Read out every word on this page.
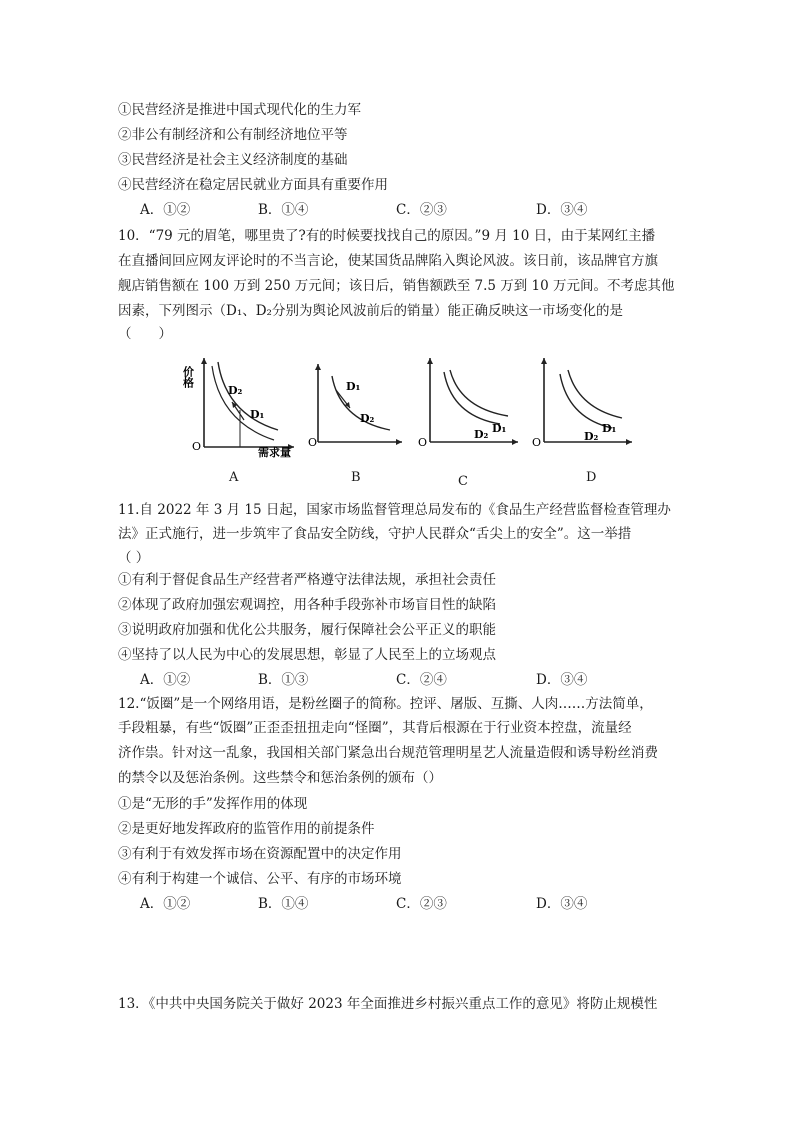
①民营经济是推进中国式现代化的生力军
②非公有制经济和公有制经济地位平等
③民营经济是社会主义经济制度的基础
④民营经济在稳定居民就业方面具有重要作用
A．①②	B．①④	C．②③	D．③④
10．“79 元的眉笔，哪里贵了?有的时候要找找自己的原因。”9 月 10 日，由于某网红主播
在直播间回应网友评论时的不当言论，使某国货品牌陷入舆论风波。该日前，该品牌官方旗
舰店销售额在 100 万到 250 万元间；该日后，销售额跌至 7.5 万到 10 万元间。不考虑其他
因素，下列图示（D₁、D₂分别为舆论风波前后的销量）能正确反映这一市场变化的是
（　　）
价格
需求量
O
D₂
D₁
A
O
D₁
D₂
B
O
D₂ D₁
C
O	D₂
D₁
D
11.自 2022 年 3 月 15 日起，国家市场监督管理总局发布的《食品生产经营监督检查管理办
法》正式施行，进一步筑牢了食品安全防线，守护人民群众“舌尖上的安全”。这一举措
（ ）
①有利于督促食品生产经营者严格遵守法律法规，承担社会责任
②体现了政府加强宏观调控，用各种手段弥补市场盲目性的缺陷
③说明政府加强和优化公共服务，履行保障社会公平正义的职能
④坚持了以人民为中心的发展思想，彰显了人民至上的立场观点
A．①②	B．①③	C．②④	D．③④
12.“饭圈”是一个网络用语，是粉丝圈子的简称。控评、屠版、互撕、人肉……方法简单，
手段粗暴，有些“饭圈”正歪歪扭扭走向“怪圈”，其背后根源在于行业资本控盘，流量经
济作祟。针对这一乱象，我国相关部门紧急出台规范管理明星艺人流量造假和诱导粉丝消费
的禁令以及惩治条例。这些禁令和惩治条例的颁布（）
①是“无形的手”发挥作用的体现
②是更好地发挥政府的监管作用的前提条件
③有利于有效发挥市场在资源配置中的决定作用
④有利于构建一个诚信、公平、有序的市场环境
A．①②	B．①④	C．②③	D．③④
13．《中共中央国务院关于做好 2023 年全面推进乡村振兴重点工作的意见》将防止规模性
